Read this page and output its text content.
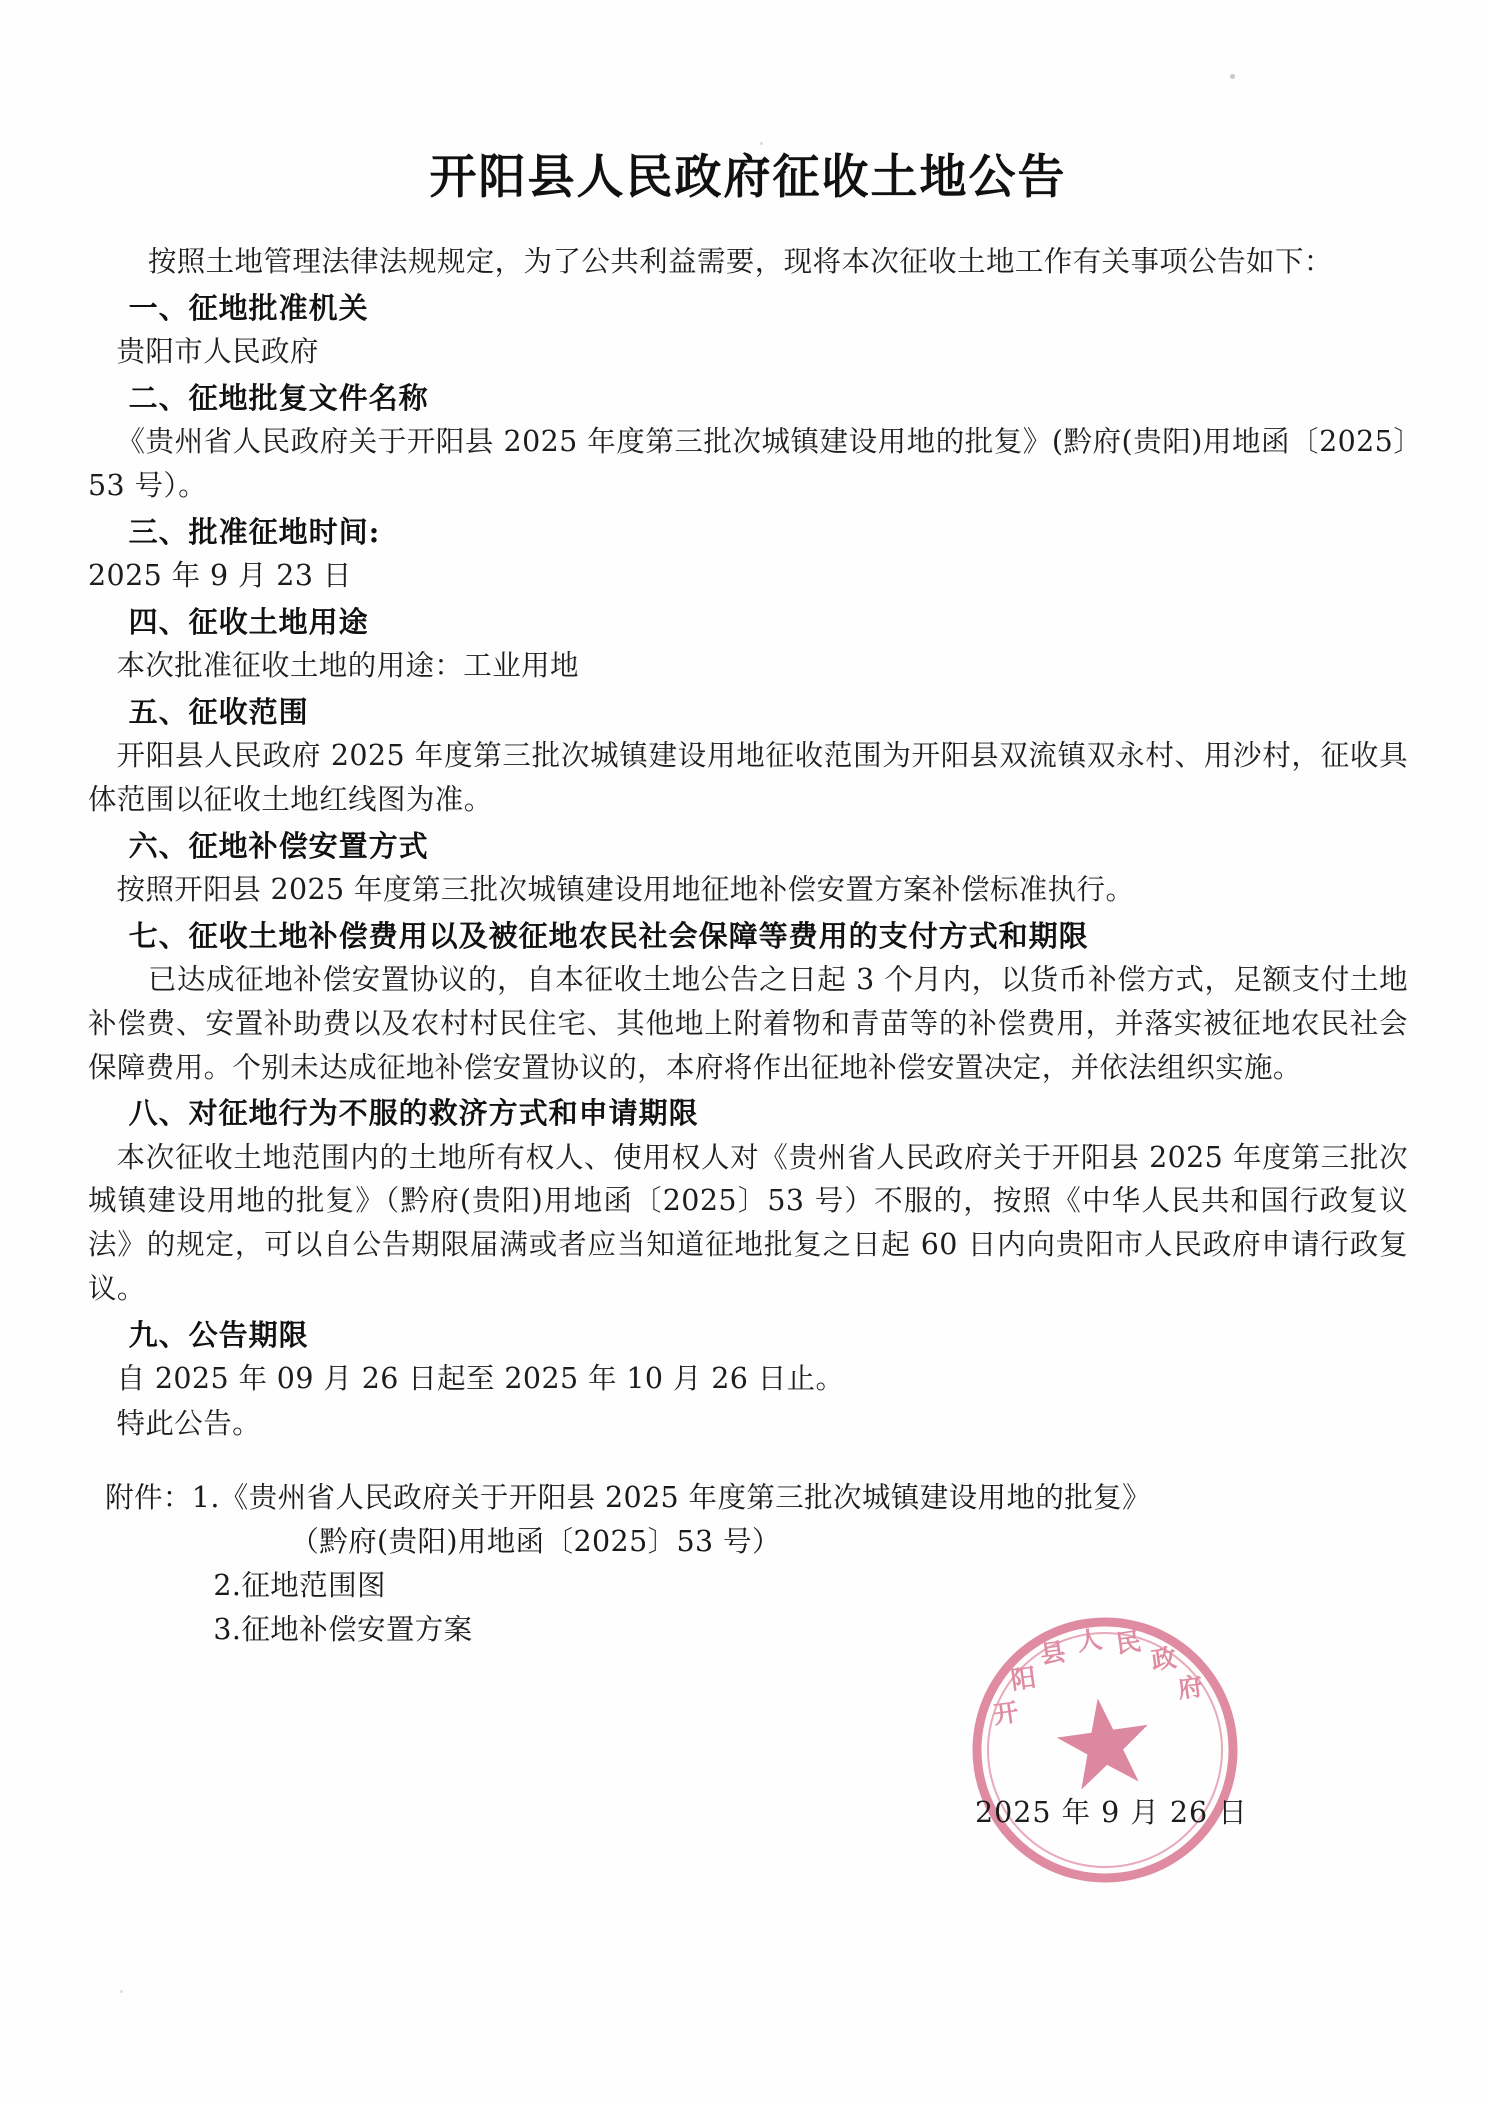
开阳县人民政府征收土地公告

按照土地管理法律法规规定，为了公共利益需要，现将本次征收土地工作有关事项公告如下：

一、征地批准机关

贵阳市人民政府

二、征地批复文件名称

《贵州省人民政府关于开阳县 2025 年度第三批次城镇建设用地的批复》(黔府(贵阳)用地函〔2025〕53 号）。

三、批准征地时间:

2025 年 9 月 23 日

四、征收土地用途

本次批准征收土地的用途：工业用地

五、征收范围

开阳县人民政府 2025 年度第三批次城镇建设用地征收范围为开阳县双流镇双永村、用沙村，征收具体范围以征收土地红线图为准。

六、征地补偿安置方式

按照开阳县 2025 年度第三批次城镇建设用地征地补偿安置方案补偿标准执行。

七、征收土地补偿费用以及被征地农民社会保障等费用的支付方式和期限

已达成征地补偿安置协议的，自本征收土地公告之日起 3 个月内，以货币补偿方式，足额支付土地补偿费、安置补助费以及农村村民住宅、其他地上附着物和青苗等的补偿费用，并落实被征地农民社会保障费用。个别未达成征地补偿安置协议的，本府将作出征地补偿安置决定，并依法组织实施。

八、对征地行为不服的救济方式和申请期限

本次征收土地范围内的土地所有权人、使用权人对《贵州省人民政府关于开阳县 2025 年度第三批次城镇建设用地的批复》（黔府(贵阳)用地函〔2025〕53 号）不服的，按照《中华人民共和国行政复议法》的规定，可以自公告期限届满或者应当知道征地批复之日起 60 日内向贵阳市人民政府申请行政复议。

九、公告期限

自 2025 年 09 月 26 日起至 2025 年 10 月 26 日止。

特此公告。

附件：1.《贵州省人民政府关于开阳县 2025 年度第三批次城镇建设用地的批复》

（黔府(贵阳)用地函〔2025〕53 号）

2.征地范围图

3.征地补偿安置方案

开
阳
县 人 民
政
府
2025 年 9 月 26 日
